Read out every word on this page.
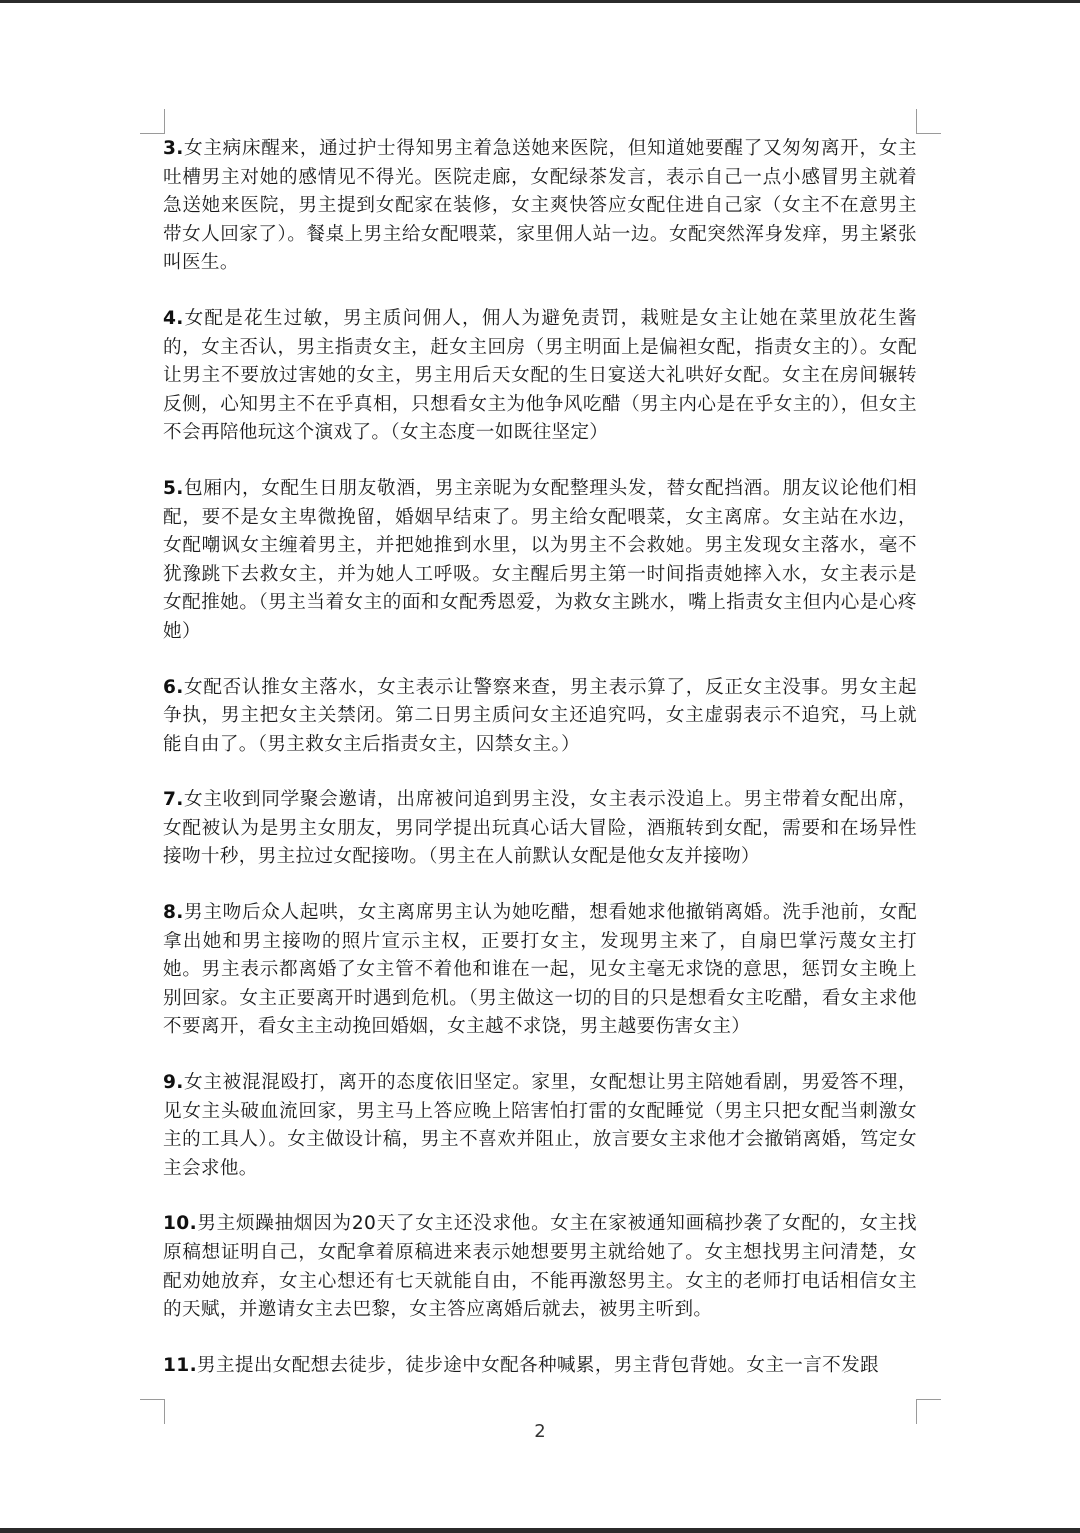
3.女主病床醒来，通过护士得知男主着急送她来医院，但知道她要醒了又匆匆离开，女主吐槽男主对她的感情见不得光。医院走廊，女配绿茶发言，表示自己一点小感冒男主就着急送她来医院，男主提到女配家在装修，女主爽快答应女配住进自己家（女主不在意男主带女人回家了）。餐桌上男主给女配喂菜，家里佣人站一边。女配突然浑身发痒，男主紧张叫医生。

4.女配是花生过敏，男主质问佣人，佣人为避免责罚，栽赃是女主让她在菜里放花生酱的，女主否认，男主指责女主，赶女主回房（男主明面上是偏袒女配，指责女主的）。女配让男主不要放过害她的女主，男主用后天女配的生日宴送大礼哄好女配。女主在房间辗转反侧，心知男主不在乎真相，只想看女主为他争风吃醋（男主内心是在乎女主的），但女主不会再陪他玩这个演戏了。（女主态度一如既往坚定）

5.包厢内，女配生日朋友敬酒，男主亲昵为女配整理头发，替女配挡酒。朋友议论他们相配，要不是女主卑微挽留，婚姻早结束了。男主给女配喂菜，女主离席。女主站在水边，女配嘲讽女主缠着男主，并把她推到水里，以为男主不会救她。男主发现女主落水，毫不犹豫跳下去救女主，并为她人工呼吸。女主醒后男主第一时间指责她摔入水，女主表示是女配推她。（男主当着女主的面和女配秀恩爱，为救女主跳水，嘴上指责女主但内心是心疼她）

6.女配否认推女主落水，女主表示让警察来查，男主表示算了，反正女主没事。男女主起争执，男主把女主关禁闭。第二日男主质问女主还追究吗，女主虚弱表示不追究，马上就能自由了。（男主救女主后指责女主，囚禁女主。）

7.女主收到同学聚会邀请，出席被问追到男主没，女主表示没追上。男主带着女配出席，女配被认为是男主女朋友，男同学提出玩真心话大冒险，酒瓶转到女配，需要和在场异性接吻十秒，男主拉过女配接吻。（男主在人前默认女配是他女友并接吻）

8.男主吻后众人起哄，女主离席男主认为她吃醋，想看她求他撤销离婚。洗手池前，女配拿出她和男主接吻的照片宣示主权，正要打女主，发现男主来了，自扇巴掌污蔑女主打她。男主表示都离婚了女主管不着他和谁在一起，见女主毫无求饶的意思，惩罚女主晚上别回家。女主正要离开时遇到危机。（男主做这一切的目的只是想看女主吃醋，看女主求他不要离开，看女主主动挽回婚姻，女主越不求饶，男主越要伤害女主）

9.女主被混混殴打，离开的态度依旧坚定。家里，女配想让男主陪她看剧，男爱答不理，见女主头破血流回家，男主马上答应晚上陪害怕打雷的女配睡觉（男主只把女配当刺激女主的工具人）。女主做设计稿，男主不喜欢并阻止，放言要女主求他才会撤销离婚，笃定女主会求他。

10.男主烦躁抽烟因为20天了女主还没求他。女主在家被通知画稿抄袭了女配的，女主找原稿想证明自己，女配拿着原稿进来表示她想要男主就给她了。女主想找男主问清楚，女配劝她放弃，女主心想还有七天就能自由，不能再激怒男主。女主的老师打电话相信女主的天赋，并邀请女主去巴黎，女主答应离婚后就去，被男主听到。

11.男主提出女配想去徒步，徒步途中女配各种喊累，男主背包背她。女主一言不发跟

2
